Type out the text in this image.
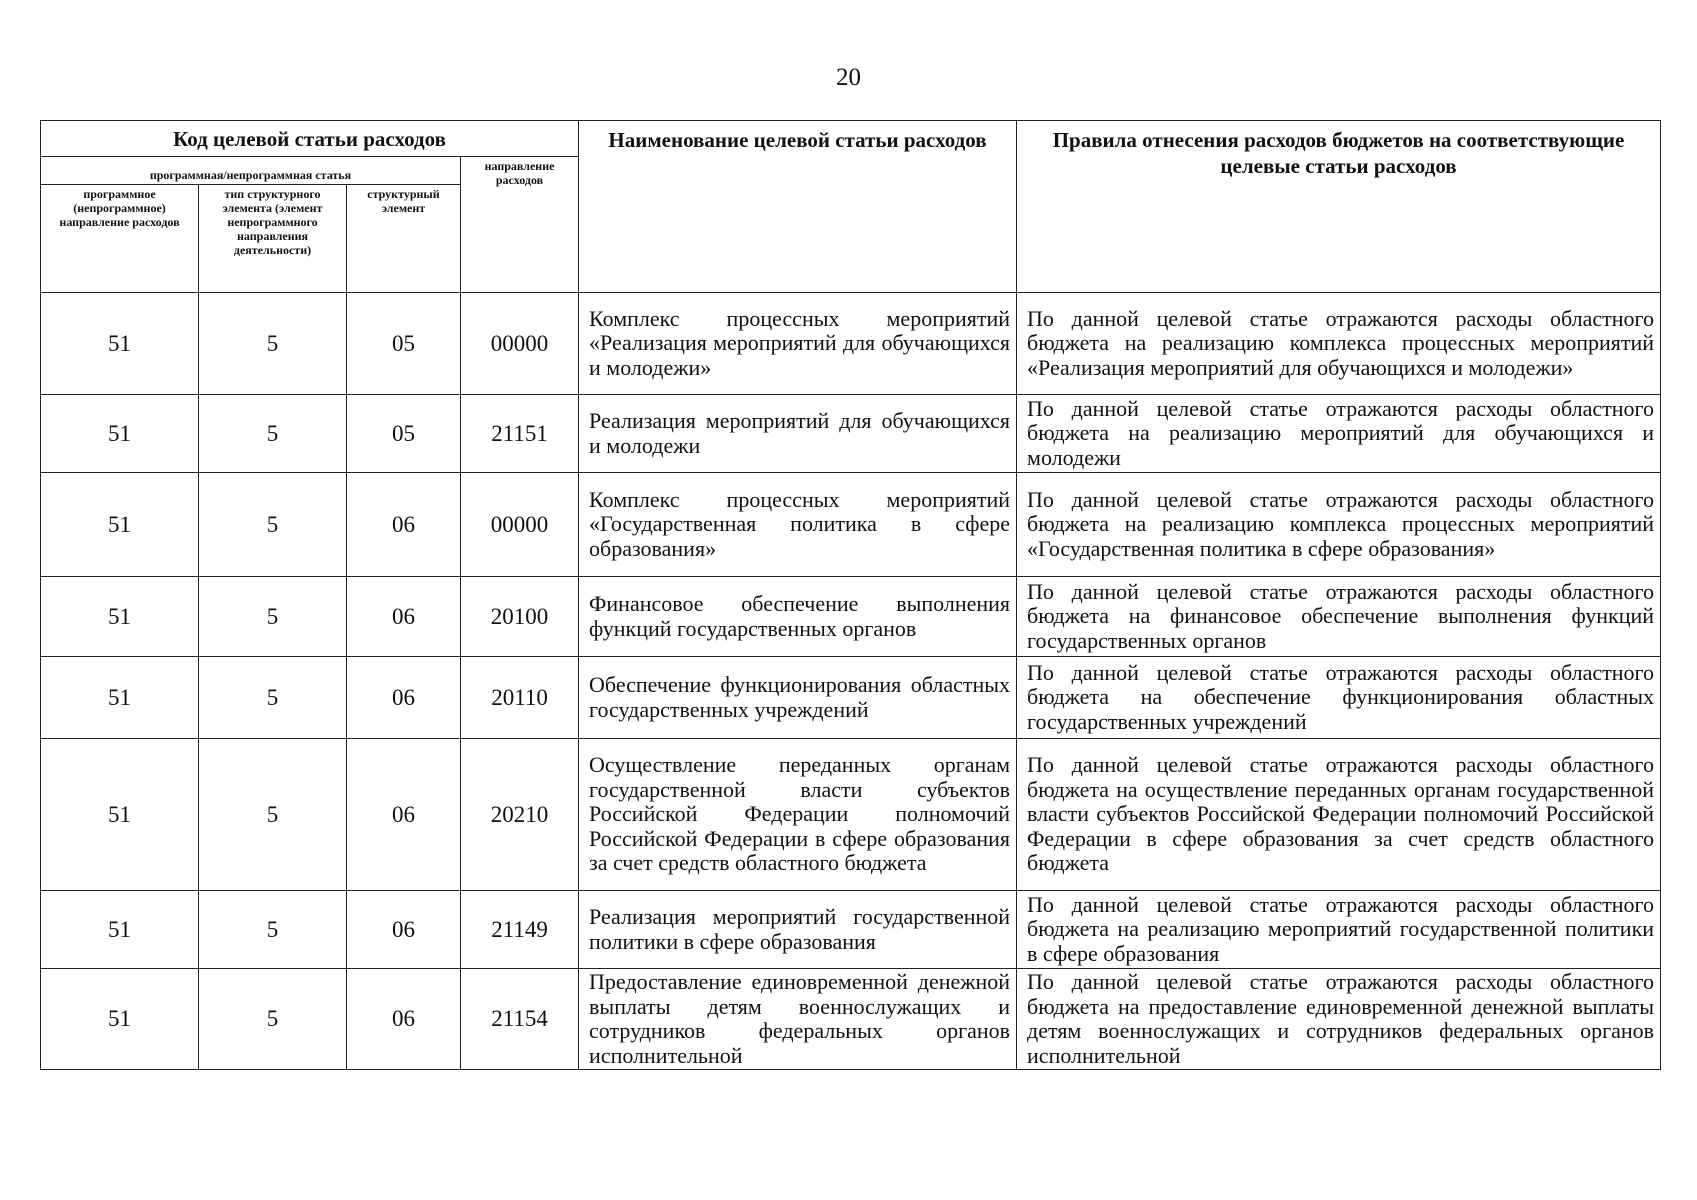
20
Код целевой статьи расходов				Наименование целевой статьи расходов	Правила отнесения расходов бюджетов на соответствующие целевые статьи расходов
программная/непрограммная статья			направление расходов		
программное (непрограммное) направление расходов	тип структурного элемента (элемент непрограммного направления деятельности)	структурный элемент			
51	5	05	00000	Комплекс процессных мероприятий «Реализация мероприятий для обучающихся и молодежи»	По данной целевой статье отражаются расходы областного бюджета на реализацию комплекса процессных мероприятий «Реализация мероприятий для обучающихся и молодежи»
51	5	05	21151	Реализация мероприятий для обучающихся и молодежи	По данной целевой статье отражаются расходы областного бюджета на реализацию мероприятий для обучающихся и молодежи
51	5	06	00000	Комплекс процессных мероприятий «Государственная политика в сфере образования»	По данной целевой статье отражаются расходы областного бюджета на реализацию комплекса процессных мероприятий «Государственная политика в сфере образования»
51	5	06	20100	Финансовое обеспечение выполнения функций государственных органов	По данной целевой статье отражаются расходы областного бюджета на финансовое обеспечение выполнения функций государственных органов
51	5	06	20110	Обеспечение функционирования областных государственных учреждений	По данной целевой статье отражаются расходы областного бюджета на обеспечение функционирования областных государственных учреждений
51	5	06	20210	Осуществление переданных органам государственной власти субъектов Российской Федерации полномочий Российской Федерации в сфере образования за счет средств областного бюджета	По данной целевой статье отражаются расходы областного бюджета на осуществление переданных органам государственной власти субъектов Российской Федерации полномочий Российской Федерации в сфере образования за счет средств областного бюджета
51	5	06	21149	Реализация мероприятий государственной политики в сфере образования	По данной целевой статье отражаются расходы областного бюджета на реализацию мероприятий государственной политики в сфере образования
51	5	06	21154	Предоставление единовременной денежной выплаты детям военнослужащих и сотрудников федеральных органов исполнительной	По данной целевой статье отражаются расходы областного бюджета на предоставление единовременной денежной выплаты детям военнослужащих и сотрудников федеральных органов исполнительной
